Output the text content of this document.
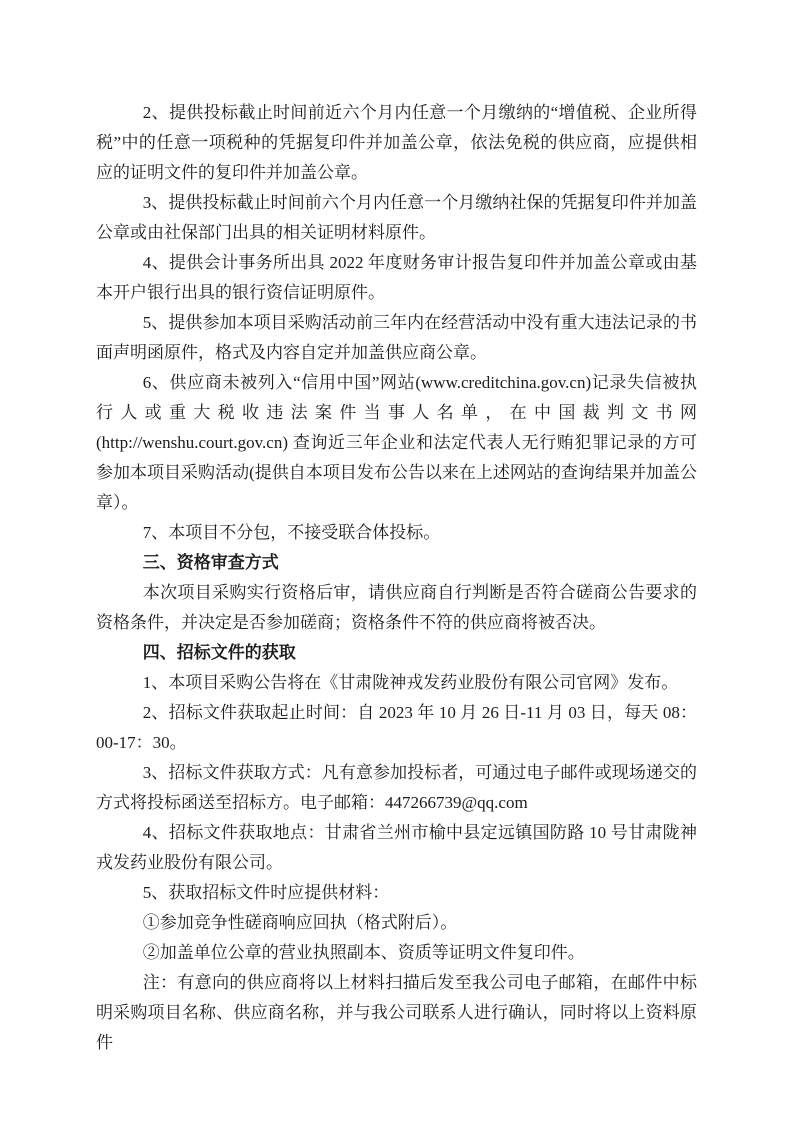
2、提供投标截止时间前近六个月内任意一个月缴纳的“增值税、企业所得税”中的任意一项税种的凭据复印件并加盖公章，依法免税的供应商，应提供相应的证明文件的复印件并加盖公章。

3、提供投标截止时间前六个月内任意一个月缴纳社保的凭据复印件并加盖公章或由社保部门出具的相关证明材料原件。

4、提供会计事务所出具 2022 年度财务审计报告复印件并加盖公章或由基本开户银行出具的银行资信证明原件。

5、提供参加本项目采购活动前三年内在经营活动中没有重大违法记录的书面声明函原件，格式及内容自定并加盖供应商公章。

6、供应商未被列入“信用中国”网站(www.creditchina.gov.cn)记录失信被执行人或重大税收违法案件当事人名单，在中国裁判文书网(http://wenshu.court.gov.cn) 查询近三年企业和法定代表人无行贿犯罪记录的方可参加本项目采购活动(提供自本项目发布公告以来在上述网站的查询结果并加盖公章）。

7、本项目不分包，不接受联合体投标。

三、资格审查方式

本次项目采购实行资格后审，请供应商自行判断是否符合磋商公告要求的资格条件，并决定是否参加磋商；资格条件不符的供应商将被否决。

四、招标文件的获取

1、本项目采购公告将在《甘肃陇神戎发药业股份有限公司官网》发布。

2、招标文件获取起止时间：自 2023 年 10 月 26 日-11 月 03 日，每天 08：00-17：30。

3、招标文件获取方式：凡有意参加投标者，可通过电子邮件或现场递交的方式将投标函送至招标方。电子邮箱：447266739@qq.com

4、招标文件获取地点：甘肃省兰州市榆中县定远镇国防路 10 号甘肃陇神戎发药业股份有限公司。

5、获取招标文件时应提供材料：

①参加竞争性磋商响应回执（格式附后）。

②加盖单位公章的营业执照副本、资质等证明文件复印件。

注：有意向的供应商将以上材料扫描后发至我公司电子邮箱，在邮件中标明采购项目名称、供应商名称，并与我公司联系人进行确认，同时将以上资料原件
